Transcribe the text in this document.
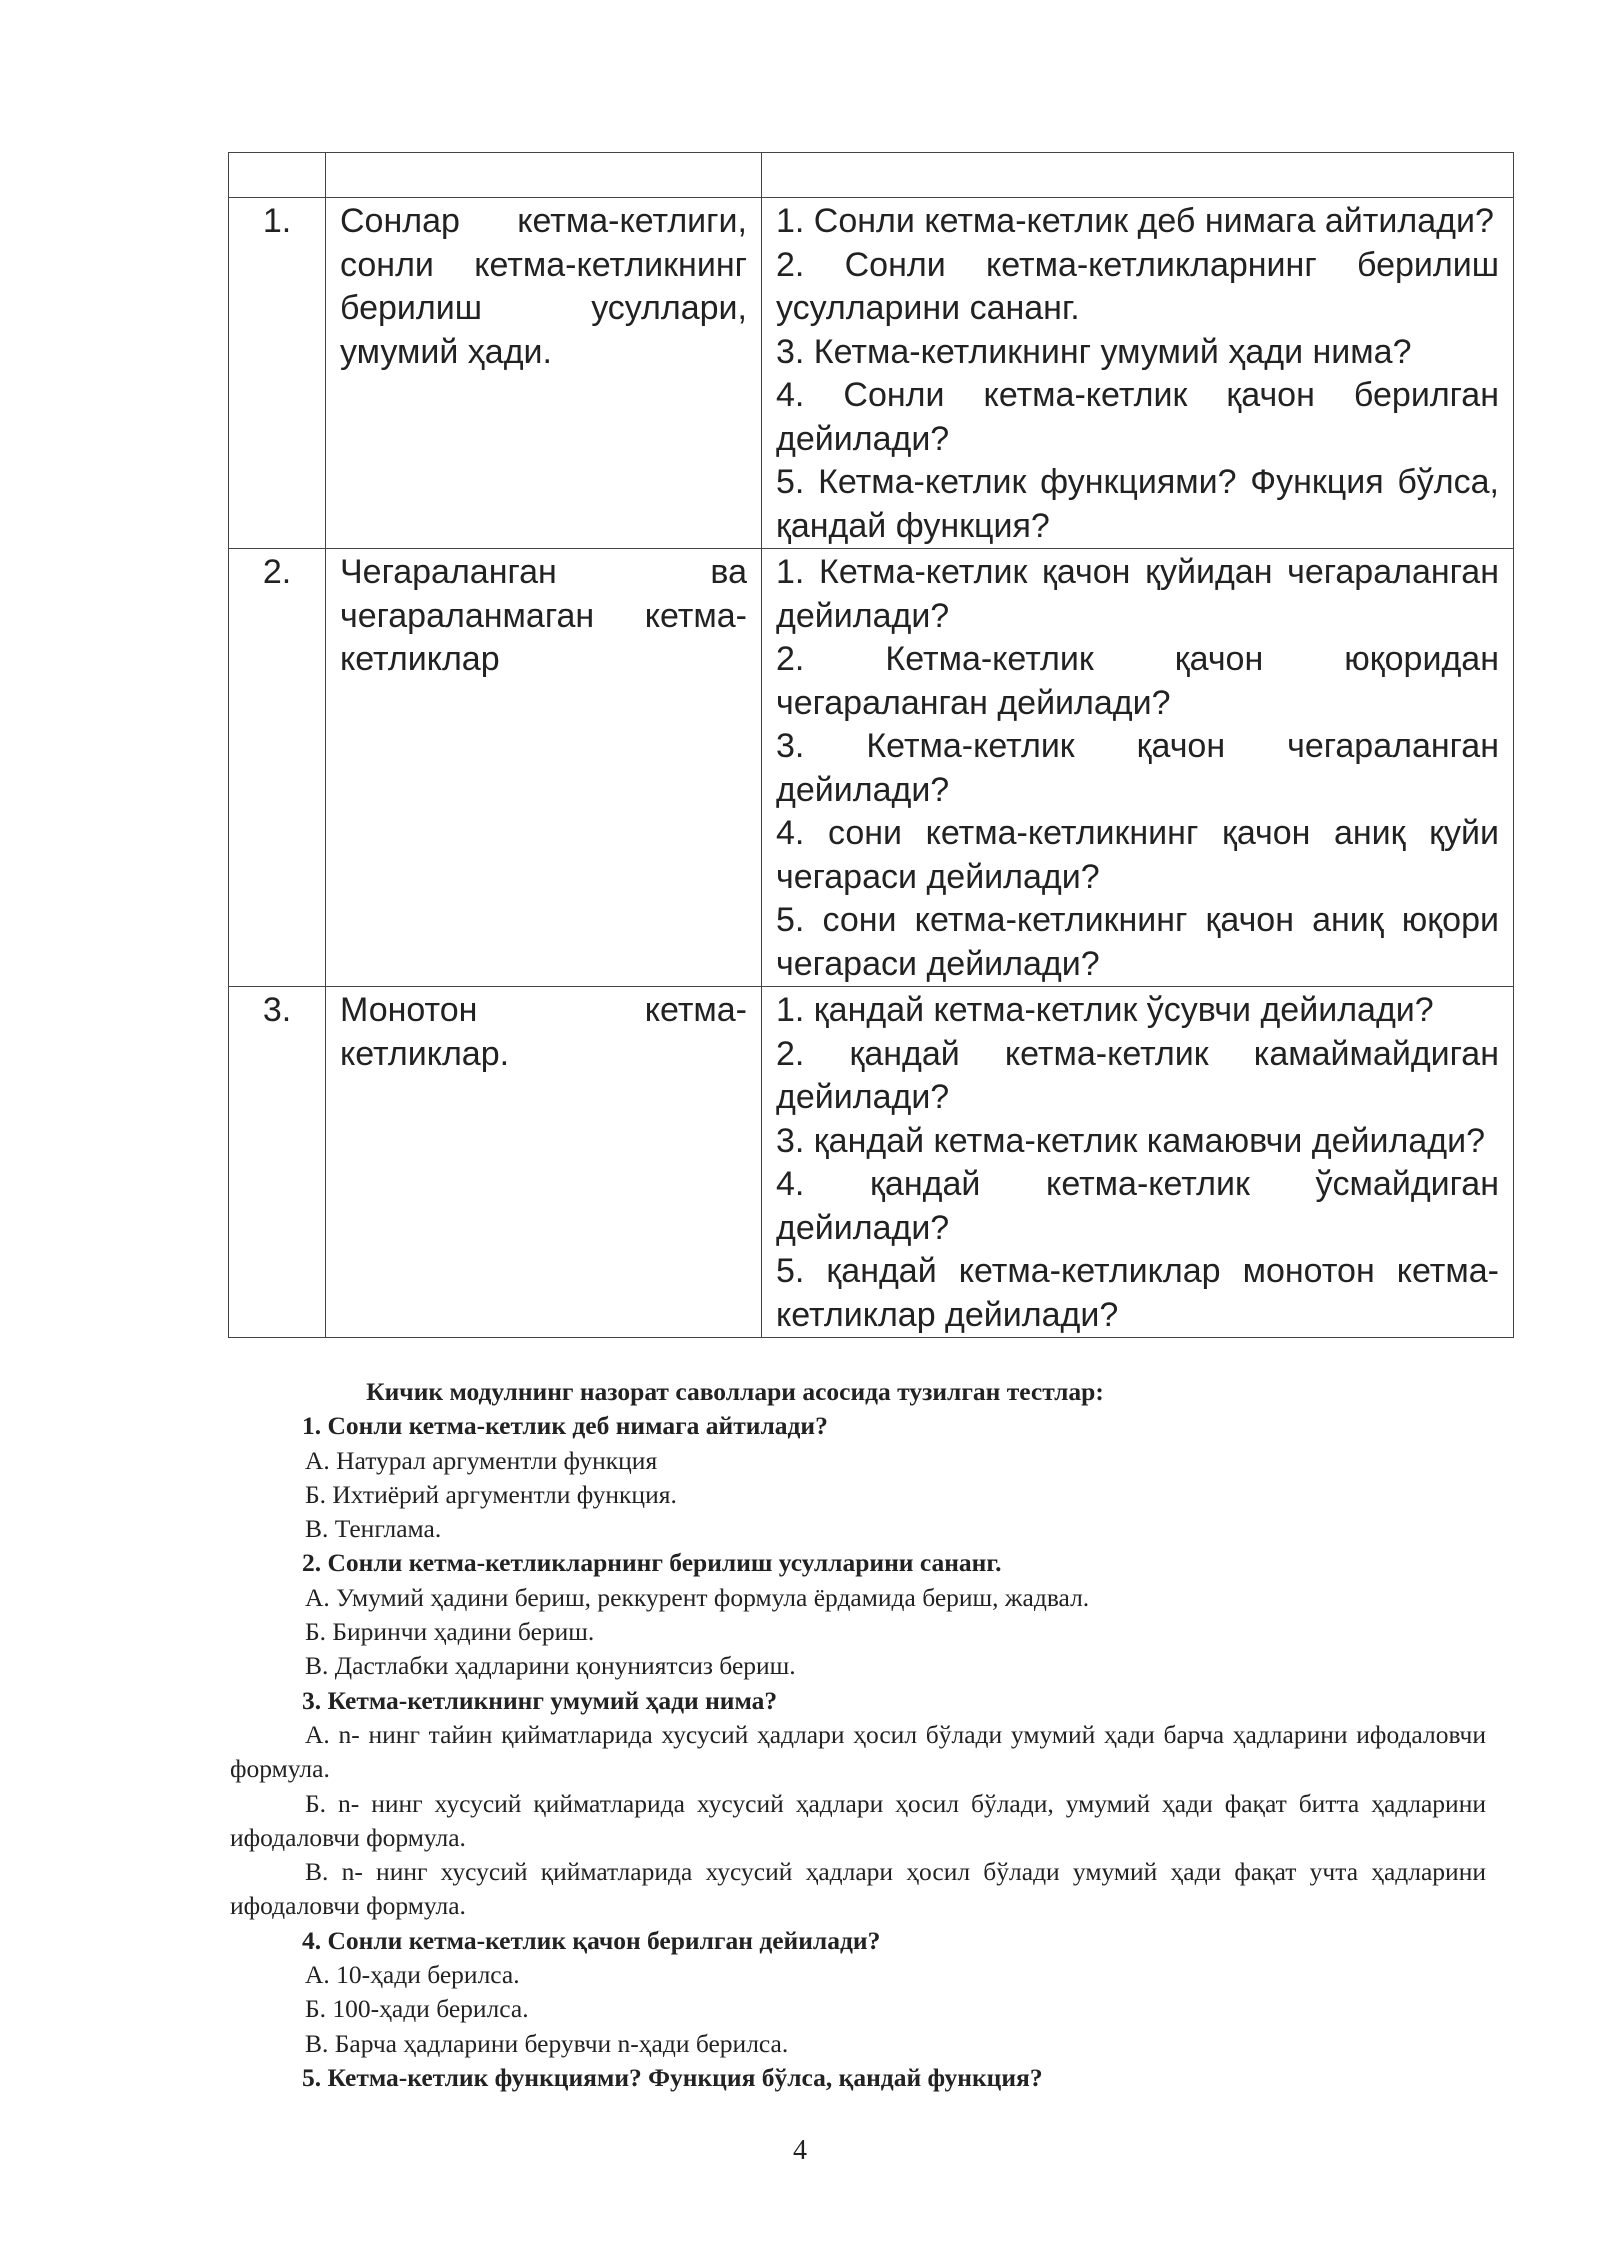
1.	Сонлар кетма-кетлиги, сонли кетма-кетликнинг берилиш усуллари, умумий ҳади.	1. Сонли кетма-кетлик деб нимага айтилади?
2. Сонли кетма-кетликларнинг берилиш усулларини сананг.
3. Кетма-кетликнинг умумий ҳади нима?
4. Сонли кетма-кетлик қачон берилган дейилади?
5. Кетма-кетлик функциями? Функция бўлса, қандай функция?

2.	Чегараланган ва чегараланмаган кетма-кетликлар	1. Кетма-кетлик қачон қуйидан чегараланган дейилади?
2. Кетма-кетлик қачон юқоридан чегараланган дейилади?
3. Кетма-кетлик қачон чегараланган дейилади?
4. сони кетма-кетликнинг қачон аниқ қуйи чегараси дейилади?
5. сони кетма-кетликнинг қачон аниқ юқори чегараси дейилади?

3.	Монотон кетма-кетликлар.	1. қандай кетма-кетлик ўсувчи дейилади?
2. қандай кетма-кетлик камаймайдиган дейилади?
3. қандай кетма-кетлик камаювчи дейилади?
4. қандай кетма-кетлик ўсмайдиган дейилади?
5. қандай кетма-кетликлар монотон кетма-кетликлар дейилади?
Кичик модулнинг назорат саволлари асосида тузилган тестлар:
1. Сонли кетма-кетлик деб нимага айтилади?
А. Натурал аргументли функция
Б. Ихтиёрий аргументли функция.
В. Тенглама.
2. Сонли кетма-кетликларнинг берилиш усулларини сананг.
А. Умумий ҳадини бериш, реккурент формула ёрдамида бериш, жадвал.
Б. Биринчи ҳадини бериш.
В. Дастлабки ҳадларини қонуниятсиз бериш.
3. Кетма-кетликнинг умумий ҳади нима?
А. n- нинг тайин қийматларида хусусий ҳадлари ҳосил бўлади умумий ҳади барча ҳадларини ифодаловчи формула.
Б. n- нинг хусусий қийматларида хусусий ҳадлари ҳосил бўлади, умумий ҳади фақат битта ҳадларини ифодаловчи формула.
В. n- нинг хусусий қийматларида хусусий ҳадлари ҳосил бўлади умумий ҳади фақат учта ҳадларини ифодаловчи формула.
4. Сонли кетма-кетлик қачон берилган дейилади?
А. 10-ҳади берилса.
Б. 100-ҳади берилса.
В. Барча ҳадларини берувчи n-ҳади берилса.
5. Кетма-кетлик функциями? Функция бўлса, қандай функция?
4
